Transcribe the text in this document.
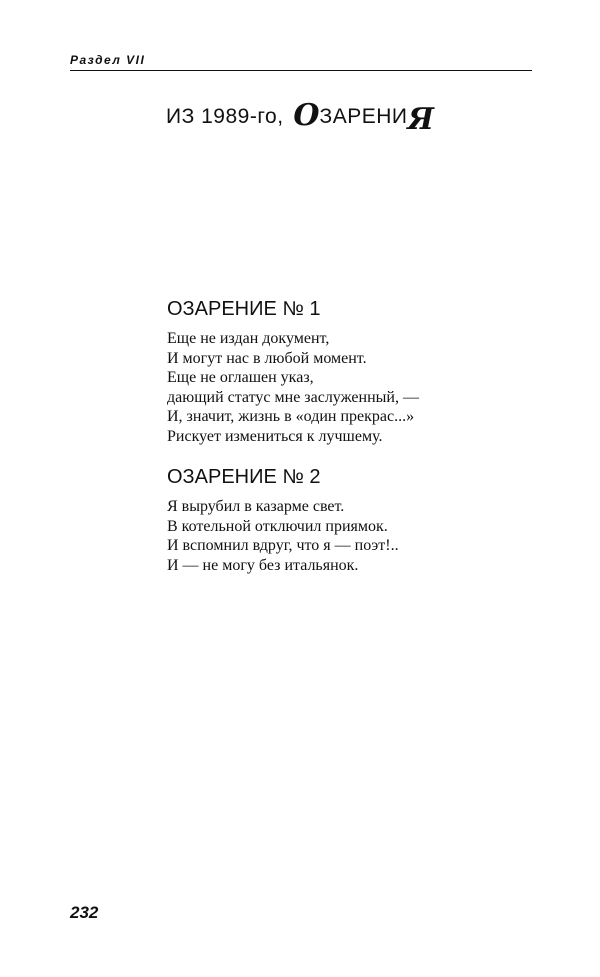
Раздел VII
ИЗ 1989-го, ОЗАРЕНИЯ
ОЗАРЕНИЕ № 1
Еще не издан документ,
И могут нас в любой момент.
Еще не оглашен указ,
дающий статус мне заслуженный, —
И, значит, жизнь в «один прекрас...»
Рискует измениться к лучшему.
ОЗАРЕНИЕ № 2
Я вырубил в казарме свет.
В котельной отключил приямок.
И вспомнил вдруг, что я — поэт!..
И — не могу без итальянок.
232
